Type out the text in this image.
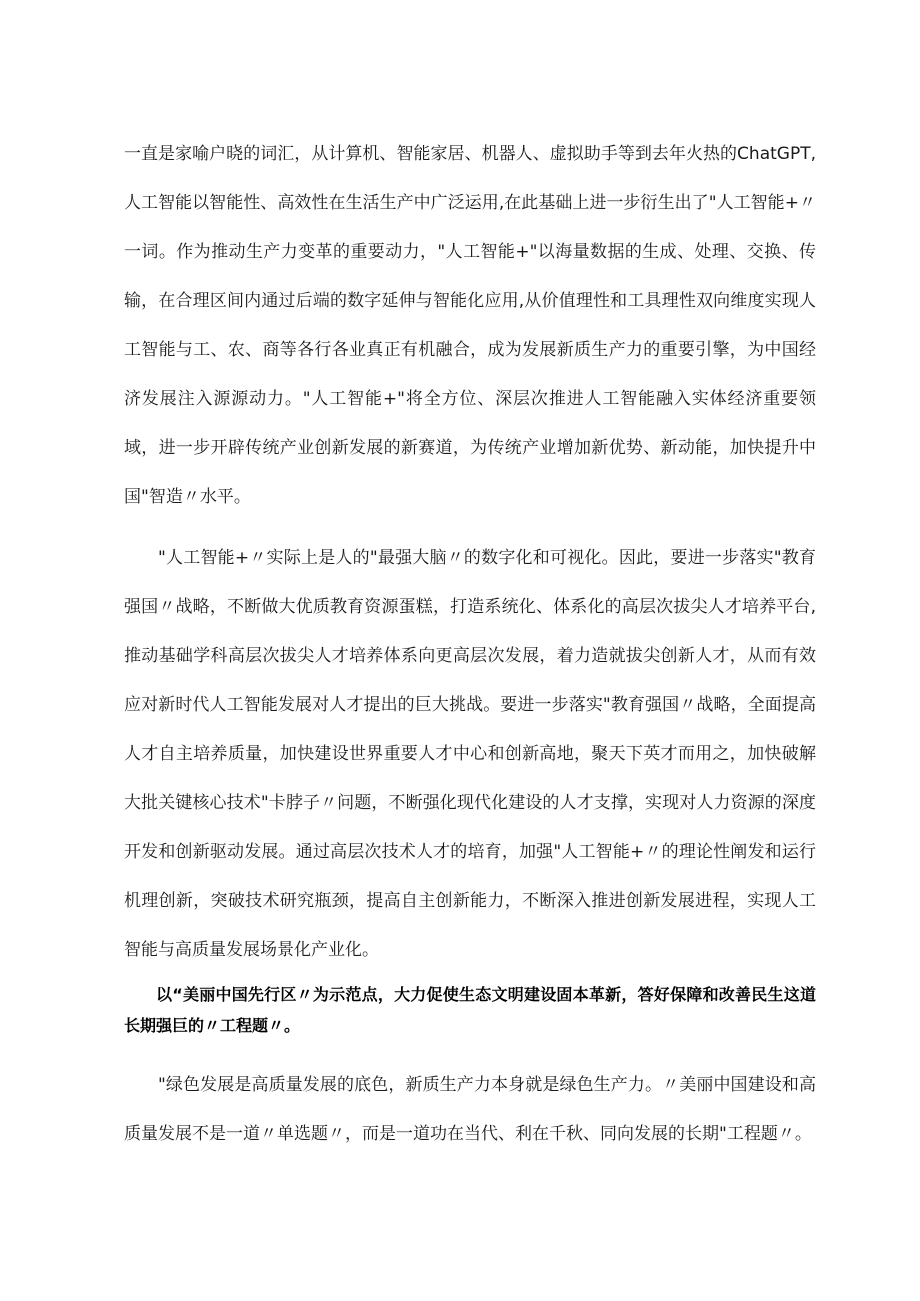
一直是家喻户晓的词汇，从计算机、智能家居、机器人、虚拟助手等到去年火热的ChatGPT,人工智能以智能性、高效性在生活生产中广泛运用,在此基础上进一步衍生出了"人工智能+〃一词。作为推动生产力变革的重要动力，"人工智能+"以海量数据的生成、处理、交换、传输，在合理区间内通过后端的数字延伸与智能化应用,从价值理性和工具理性双向维度实现人工智能与工、农、商等各行各业真正有机融合，成为发展新质生产力的重要引擎，为中国经济发展注入源源动力。"人工智能+"将全方位、深层次推进人工智能融入实体经济重要领域，进一步开辟传统产业创新发展的新赛道，为传统产业增加新优势、新动能，加快提升中国"智造〃水平。

"人工智能+〃实际上是人的"最强大脑〃的数字化和可视化。因此，要进一步落实"教育强国〃战略，不断做大优质教育资源蛋糕，打造系统化、体系化的高层次拔尖人才培养平台,推动基础学科高层次拔尖人才培养体系向更高层次发展，着力造就拔尖创新人才，从而有效应对新时代人工智能发展对人才提出的巨大挑战。要进一步落实"教育强国〃战略，全面提高人才自主培养质量，加快建设世界重要人才中心和创新高地，聚天下英才而用之，加快破解大批关键核心技术"卡脖子〃问题，不断强化现代化建设的人才支撑，实现对人力资源的深度开发和创新驱动发展。通过高层次技术人才的培育，加强"人工智能+〃的理论性阐发和运行机理创新，突破技术研究瓶颈，提高自主创新能力，不断深入推进创新发展进程，实现人工智能与高质量发展场景化产业化。

以“美丽中国先行区〃为示范点，大力促使生态文明建设固本革新，答好保障和改善民生这道长期强巨的〃工程题〃。

"绿色发展是高质量发展的底色，新质生产力本身就是绿色生产力。〃美丽中国建设和高质量发展不是一道〃单选题〃，而是一道功在当代、利在千秋、同向发展的长期"工程题〃。
